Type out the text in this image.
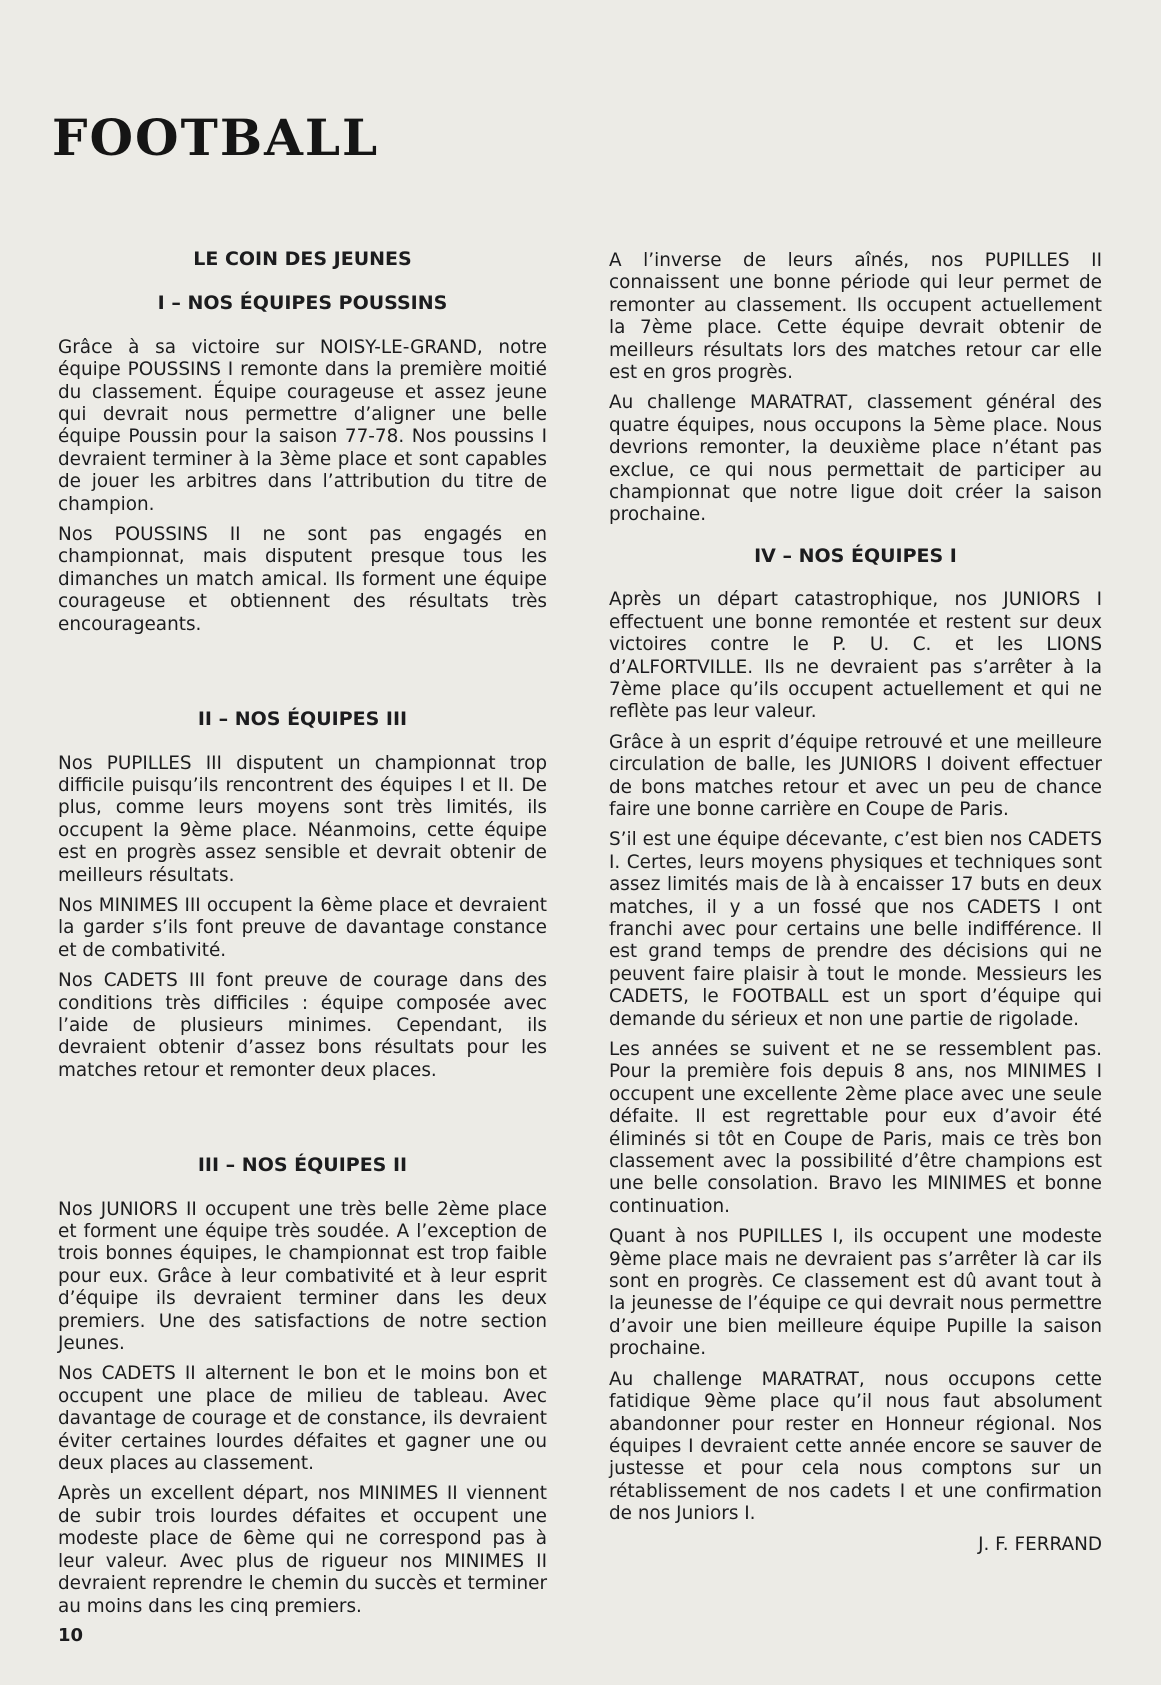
FOOTBALL
LE COIN DES JEUNES
I – NOS ÉQUIPES POUSSINS

Grâce à sa victoire sur NOISY-LE-GRAND, notre équipe POUSSINS I remonte dans la première moitié du classement. Équipe courageuse et assez jeune qui devrait nous permettre d’aligner une belle équipe Poussin pour la saison 77-78. Nos poussins I devraient terminer à la 3ème place et sont capables de jouer les arbitres dans l’attribution du titre de champion.

Nos POUSSINS II ne sont pas engagés en championnat, mais disputent presque tous les dimanches un match amical. Ils forment une équipe courageuse et obtiennent des résultats très encourageants.

II – NOS ÉQUIPES III

Nos PUPILLES III disputent un championnat trop difficile puisqu’ils rencontrent des équipes I et II. De plus, comme leurs moyens sont très limités, ils occupent la 9ème place. Néanmoins, cette équipe est en progrès assez sensible et devrait obtenir de meilleurs résultats.

Nos MINIMES III occupent la 6ème place et devraient la garder s’ils font preuve de davantage constance et de combativité.

Nos CADETS III font preuve de courage dans des conditions très difficiles : équipe composée avec l’aide de plusieurs minimes. Cependant, ils devraient obtenir d’assez bons résultats pour les matches retour et remonter deux places.

III – NOS ÉQUIPES II

Nos JUNIORS II occupent une très belle 2ème place et forment une équipe très soudée. A l’exception de trois bonnes équipes, le championnat est trop faible pour eux. Grâce à leur combativité et à leur esprit d’équipe ils devraient terminer dans les deux premiers. Une des satisfactions de notre section Jeunes.

Nos CADETS II alternent le bon et le moins bon et occupent une place de milieu de tableau. Avec davantage de courage et de constance, ils devraient éviter certaines lourdes défaites et gagner une ou deux places au classement.

Après un excellent départ, nos MINIMES II viennent de subir trois lourdes défaites et occupent une modeste place de 6ème qui ne correspond pas à leur valeur. Avec plus de rigueur nos MINIMES II devraient reprendre le chemin du succès et terminer au moins dans les cinq premiers.

A l’inverse de leurs aînés, nos PUPILLES II connaissent une bonne période qui leur permet de remonter au classement. Ils occupent actuellement la 7ème place. Cette équipe devrait obtenir de meilleurs résultats lors des matches retour car elle est en gros progrès.

Au challenge MARATRAT, classement général des quatre équipes, nous occupons la 5ème place. Nous devrions remonter, la deuxième place n’étant pas exclue, ce qui nous permettait de participer au championnat que notre ligue doit créer la saison prochaine.

IV – NOS ÉQUIPES I

Après un départ catastrophique, nos JUNIORS I effectuent une bonne remontée et restent sur deux victoires contre le P. U. C. et les LIONS d’ALFORTVILLE. Ils ne devraient pas s’arrêter à la 7ème place qu’ils occupent actuellement et qui ne reflète pas leur valeur.

Grâce à un esprit d’équipe retrouvé et une meilleure circulation de balle, les JUNIORS I doivent effectuer de bons matches retour et avec un peu de chance faire une bonne carrière en Coupe de Paris.

S’il est une équipe décevante, c’est bien nos CADETS I. Certes, leurs moyens physiques et techniques sont assez limités mais de là à encaisser 17 buts en deux matches, il y a un fossé que nos CADETS I ont franchi avec pour certains une belle indifférence. Il est grand temps de prendre des décisions qui ne peuvent faire plaisir à tout le monde. Messieurs les CADETS, le FOOTBALL est un sport d’équipe qui demande du sérieux et non une partie de rigolade.

Les années se suivent et ne se ressemblent pas. Pour la première fois depuis 8 ans, nos MINIMES I occupent une excellente 2ème place avec une seule défaite. Il est regrettable pour eux d’avoir été éliminés si tôt en Coupe de Paris, mais ce très bon classement avec la possibilité d’être champions est une belle consolation. Bravo les MINIMES et bonne continuation.

Quant à nos PUPILLES I, ils occupent une modeste 9ème place mais ne devraient pas s’arrêter là car ils sont en progrès. Ce classement est dû avant tout à la jeunesse de l’équipe ce qui devrait nous permettre d’avoir une bien meilleure équipe Pupille la saison prochaine.

Au challenge MARATRAT, nous occupons cette fatidique 9ème place qu’il nous faut absolument abandonner pour rester en Honneur régional. Nos équipes I devraient cette année encore se sauver de justesse et pour cela nous comptons sur un rétablissement de nos cadets I et une confirmation de nos Juniors I.

J. F. FERRAND
10
